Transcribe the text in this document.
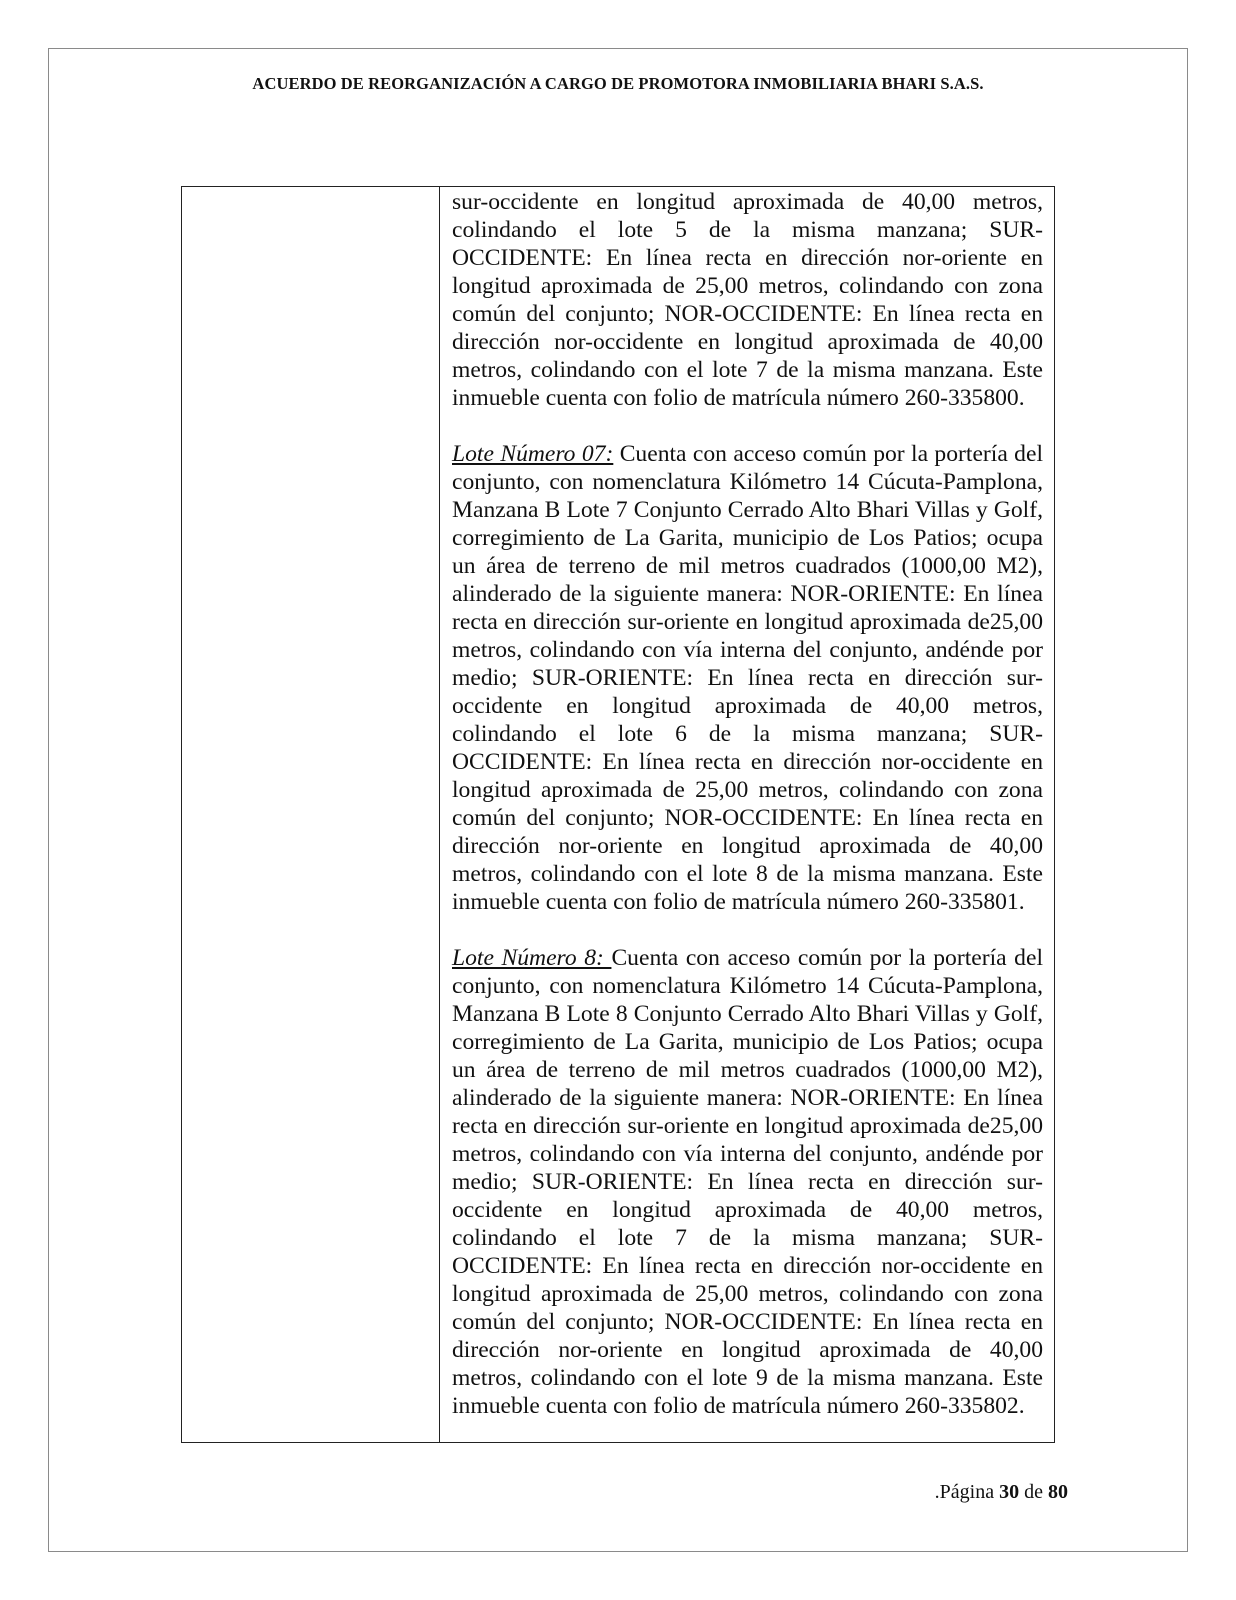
ACUERDO DE REORGANIZACIÓN A CARGO DE PROMOTORA INMOBILIARIA BHARI S.A.S.

sur-occidente en longitud aproximada de 40,00 metros, colindando el lote 5 de la misma manzana; SUR-OCCIDENTE: En línea recta en dirección nor-oriente en longitud aproximada de 25,00 metros, colindando con zona común del conjunto; NOR-OCCIDENTE: En línea recta en dirección nor-occidente en longitud aproximada de 40,00 metros, colindando con el lote 7 de la misma manzana. Este inmueble cuenta con folio de matrícula número 260-335800.

Lote Número 07: Cuenta con acceso común por la portería del conjunto, con nomenclatura Kilómetro 14 Cúcuta-Pamplona, Manzana B Lote 7 Conjunto Cerrado Alto Bhari Villas y Golf, corregimiento de La Garita, municipio de Los Patios; ocupa un área de terreno de mil metros cuadrados (1000,00 M2), alinderado de la siguiente manera: NOR-ORIENTE: En línea recta en dirección sur-oriente en longitud aproximada de25,00 metros, colindando con vía interna del conjunto, andénde por medio; SUR-ORIENTE: En línea recta en dirección sur-occidente en longitud aproximada de 40,00 metros, colindando el lote 6 de la misma manzana; SUR-OCCIDENTE: En línea recta en dirección nor-occidente en longitud aproximada de 25,00 metros, colindando con zona común del conjunto; NOR-OCCIDENTE: En línea recta en dirección nor-oriente en longitud aproximada de 40,00 metros, colindando con el lote 8 de la misma manzana. Este inmueble cuenta con folio de matrícula número 260-335801.

Lote Número 8: Cuenta con acceso común por la portería del conjunto, con nomenclatura Kilómetro 14 Cúcuta-Pamplona, Manzana B Lote 8 Conjunto Cerrado Alto Bhari Villas y Golf, corregimiento de La Garita, municipio de Los Patios; ocupa un área de terreno de mil metros cuadrados (1000,00 M2), alinderado de la siguiente manera: NOR-ORIENTE: En línea recta en dirección sur-oriente en longitud aproximada de25,00 metros, colindando con vía interna del conjunto, andénde por medio; SUR-ORIENTE: En línea recta en dirección sur-occidente en longitud aproximada de 40,00 metros, colindando el lote 7 de la misma manzana; SUR-OCCIDENTE: En línea recta en dirección nor-occidente en longitud aproximada de 25,00 metros, colindando con zona común del conjunto; NOR-OCCIDENTE: En línea recta en dirección nor-oriente en longitud aproximada de 40,00 metros, colindando con el lote 9 de la misma manzana. Este inmueble cuenta con folio de matrícula número 260-335802.

.Página 30 de 80
